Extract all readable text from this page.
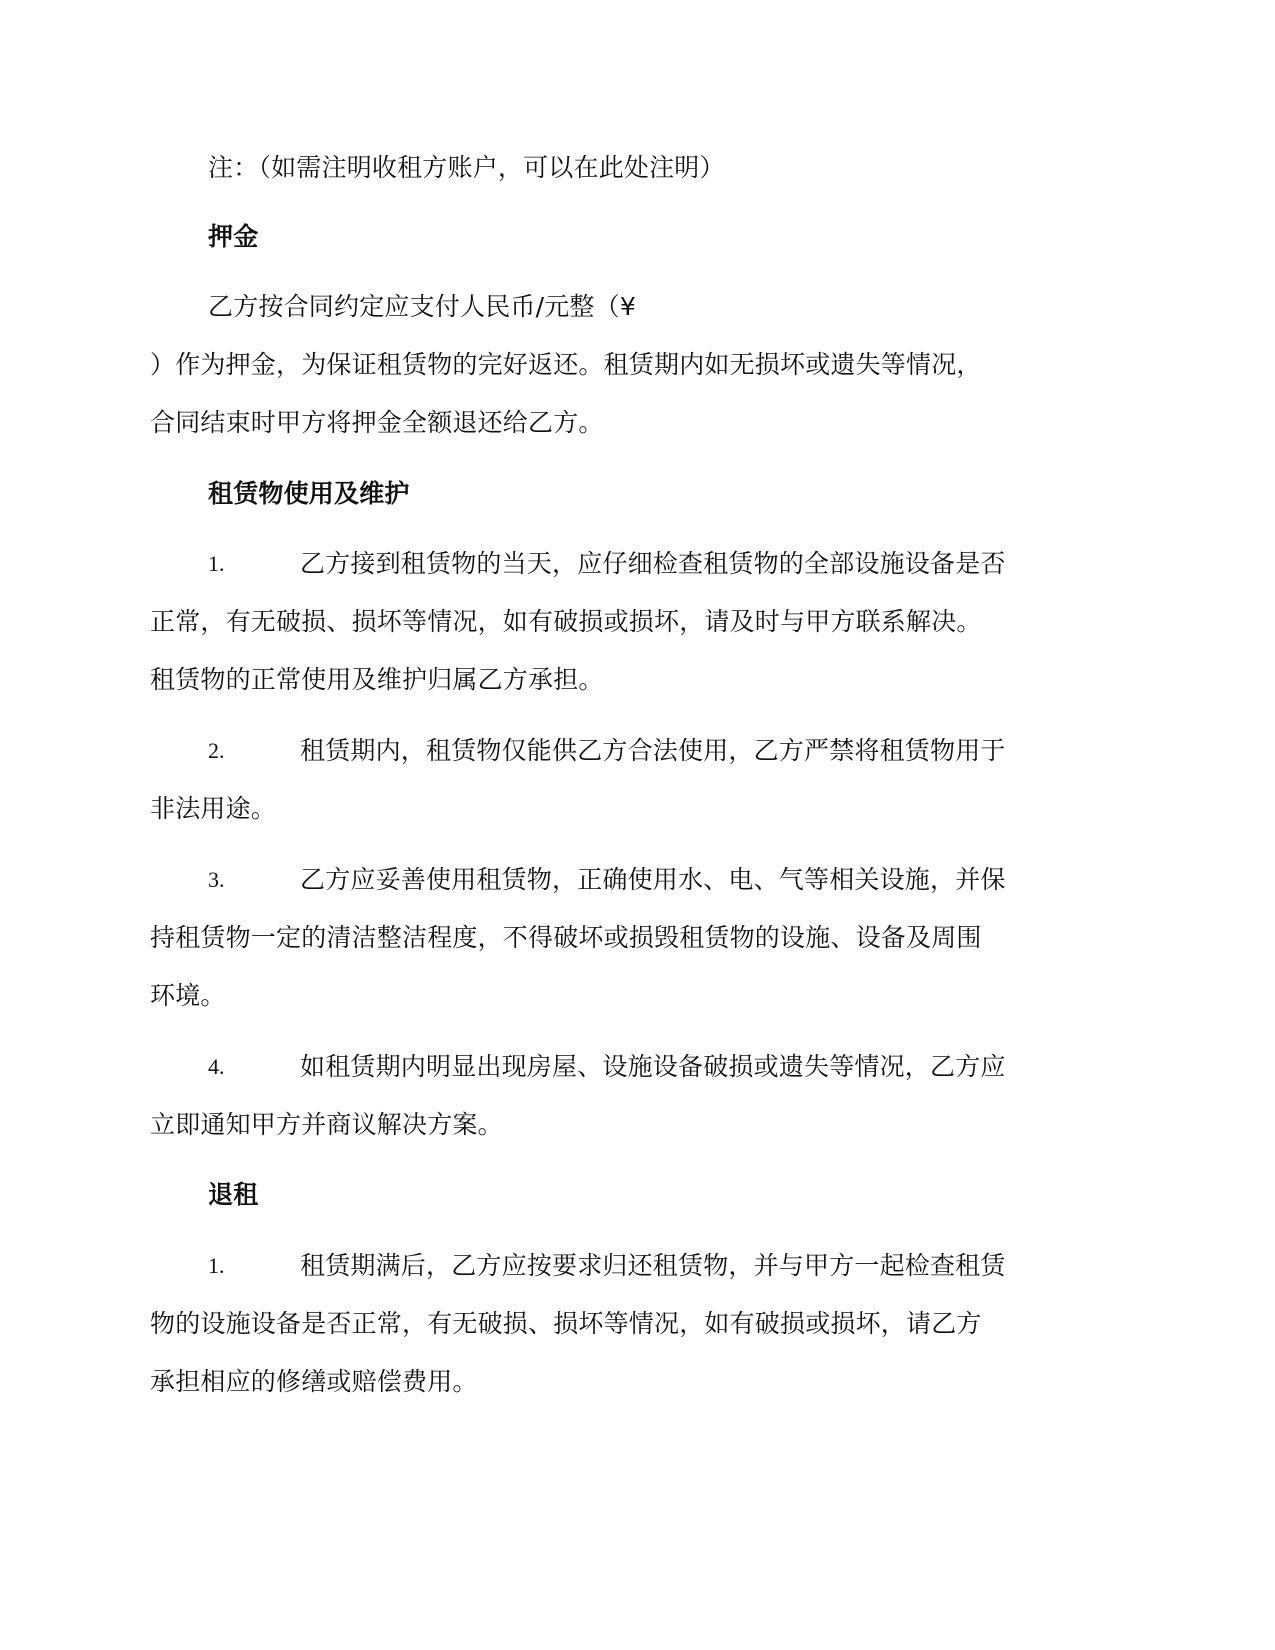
注：（如需注明收租方账户，可以在此处注明）
押金
乙方按合同约定应支付人民币/元整（¥
）作为押金，为保证租赁物的完好返还。租赁期内如无损坏或遗失等情况，
合同结束时甲方将押金全额退还给乙方。
租赁物使用及维护
1.	乙方接到租赁物的当天，应仔细检查租赁物的全部设施设备是否
正常，有无破损、损坏等情况，如有破损或损坏，请及时与甲方联系解决。
租赁物的正常使用及维护归属乙方承担。
2.	租赁期内，租赁物仅能供乙方合法使用，乙方严禁将租赁物用于
非法用途。
3.	乙方应妥善使用租赁物，正确使用水、电、气等相关设施，并保
持租赁物一定的清洁整洁程度，不得破坏或损毁租赁物的设施、设备及周围
环境。
4.	如租赁期内明显出现房屋、设施设备破损或遗失等情况，乙方应
立即通知甲方并商议解决方案。
退租
1.	租赁期满后，乙方应按要求归还租赁物，并与甲方一起检查租赁
物的设施设备是否正常，有无破损、损坏等情况，如有破损或损坏，请乙方
承担相应的修缮或赔偿费用。
